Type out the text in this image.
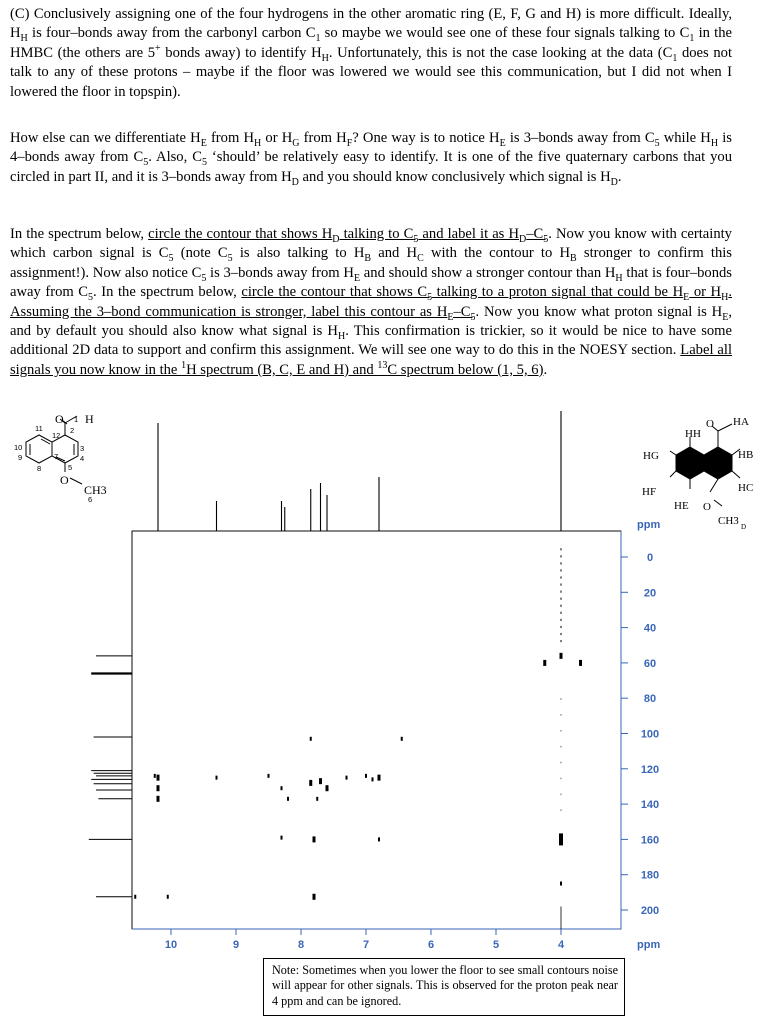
(C) Conclusively assigning one of the four hydrogens in the other aromatic ring (E, F, G and H) is more difficult. Ideally, $H_H$ is four–bonds away from the carbonyl carbon $C_1$ so maybe we would see one of these four signals talking to $C_1$ in the HMBC (the others are 5+ bonds away) to identify $H_H$. Unfortunately, this is not the case looking at the data ($C_1$ does not talk to any of these protons – maybe if the floor was lowered we would see this communication, but I did not when I lowered the floor in topspin).

How else can we differentiate $H_E$ from $H_H$ or $H_G$ from $H_F$? One way is to notice $H_E$ is 3–bonds away from $C_5$ while $H_H$ is 4–bonds away from $C_5$. Also, $C_5$ ‘should’ be relatively easy to identify. It is one of the five quaternary carbons that you circled in part II, and it is 3–bonds away from $H_D$ and you should know conclusively which signal is $H_D$.

In the spectrum below, circle the contour that shows $H_D$ talking to $C_5$ and label it as $H_D-C_5$. Now you know with certainty which carbon signal is $C_5$ (note $C_5$ is also talking to $H_B$ and $H_C$ with the contour to $H_B$ stronger to confirm this assignment!). Now also notice $C_5$ is 3–bonds away from $H_E$ and should show a stronger contour than $H_H$ that is four–bonds away from $C_5$. In the spectrum below, circle the contour that shows $C_5$ talking to a proton signal that could be $H_E$ or $H_H$. Assuming the 3–bond communication is stronger, label this contour as $H_E-C_5$. Now you know what proton signal is $H_E$, and by default you should also know what signal is $H_H$. This confirmation is trickier, so it would be nice to have some additional 2D data to support and confirm this assignment. We will see one way to do this in the NOESY section. Label all signals you now know in the $^1$H spectrum (B, C, E and H) and $^{13}$C spectrum below (1, 5, 6).

O H
O
CH3
1
2
3
4
5
6
7
8
9
10
11
12
O HA
HB
HC
O
CH3 D
HE
HF
HG
HH
10	9	8	7	6	5	4
0
20
40
60
80
100
120
140
160
180
200
ppm
ppm
Note: Sometimes when you lower the floor to see small contours noise will appear for other signals. This is observed for the proton peak near 4 ppm and can be ignored.
